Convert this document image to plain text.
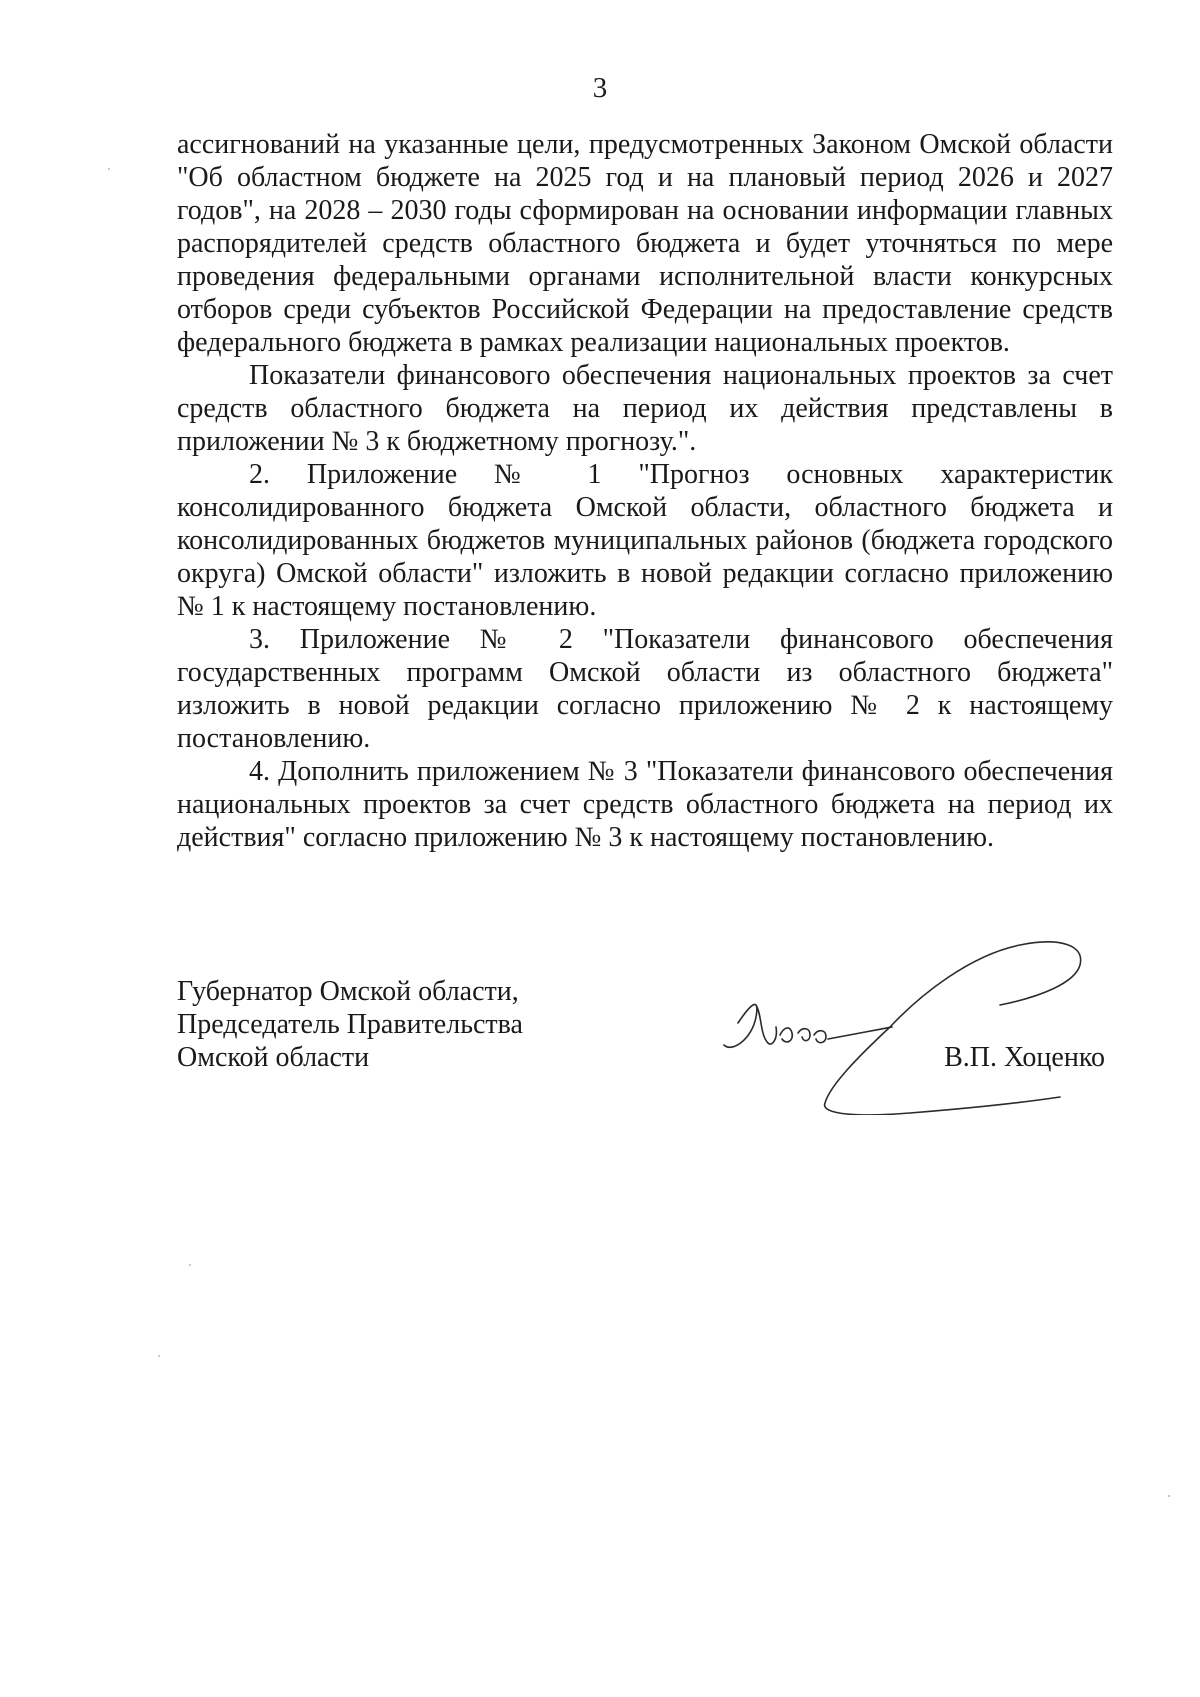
3

ассигнований на указанные цели, предусмотренных Законом Омской области "Об областном бюджете на 2025 год и на плановый период 2026 и 2027 годов", на 2028 – 2030 годы сформирован на основании информации главных распорядителей средств областного бюджета и будет уточняться по мере проведения федеральными органами исполнительной власти конкурсных отборов среди субъектов Российской Федерации на предоставление средств федерального бюджета в рамках реализации национальных проектов.

Показатели финансового обеспечения национальных проектов за счет средств областного бюджета на период их действия представлены в приложении № 3 к бюджетному прогнозу.".

2. Приложение № 1 "Прогноз основных характеристик консолидированного бюджета Омской области, областного бюджета и консолидированных бюджетов муниципальных районов (бюджета городского округа) Омской области" изложить в новой редакции согласно приложению № 1 к настоящему постановлению.

3. Приложение № 2 "Показатели финансового обеспечения государственных программ Омской области из областного бюджета" изложить в новой редакции согласно приложению № 2 к настоящему постановлению.

4. Дополнить приложением № 3 "Показатели финансового обеспечения национальных проектов за счет средств областного бюджета на период их действия" согласно приложению № 3 к настоящему постановлению.

Губернатор Омской области,
Председатель Правительства
Омской области	В.П. Хоценко
